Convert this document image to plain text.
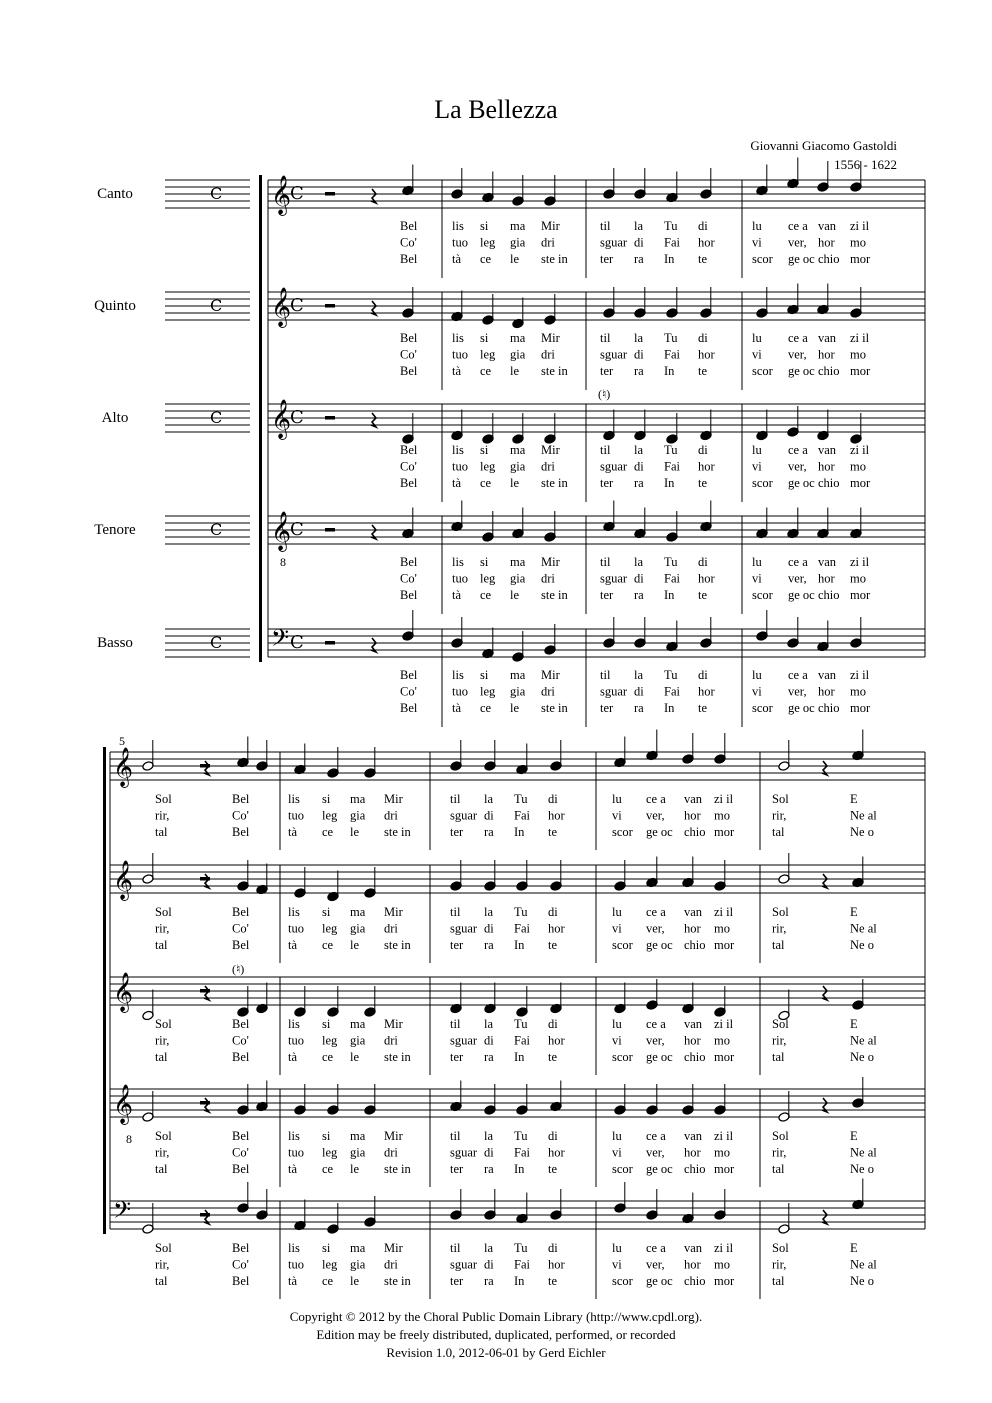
La Bellezza
Giovanni Giacomo Gastoldi
1556 - 1622
Canto
Quinto
Alto
Tenore
Basso
𝄞
𝄞
𝄞
𝄞
𝄢
C
C
C
C
C
C
C
C
C
C
𝄞
𝄞
𝄞
𝄞
𝄢
Bel	lis si ma Mir	til la Tu di	lu ce a van zi il
Co'	tuo leg gia dri	sguar di Fai hor	vi ver, hor mo
Bel	tà ce le ste in	ter ra In te	scor ge oc chio mor
Bel	lis si ma Mir	til la Tu di	lu ce a van zi il
Co'	tuo leg gia dri	sguar di Fai hor	vi ver, hor mo
Bel	tà ce le ste in	ter ra In te	scor ge oc chio mor
Bel	lis si ma Mir	til la Tu di	lu ce a van zi il
Co'	tuo leg gia dri	sguar di Fai hor	vi ver, hor mo
Bel	tà ce le ste in	ter ra In te	scor ge oc chio mor
Bel	lis si ma Mir	til la Tu di	lu ce a van zi il
Co'	tuo leg gia dri	sguar di Fai hor	vi ver, hor mo
Bel	tà ce le ste in	ter ra In te	scor ge oc chio mor
Bel	lis si ma Mir	til la Tu di	lu ce a van zi il
Co'	tuo leg gia dri	sguar di Fai hor	vi ver, hor mo
Bel	tà ce le ste in	ter ra In te	scor ge oc chio mor
Sol	Bel	lis si ma Mir	til la Tu di	lu ce a van zi il	Sol	E
rir,	Co'	tuo leg gia dri	sguar di Fai hor	vi ver, hor mo	rir,	Ne al
tal	Bel	tà ce le ste in	ter ra In te	scor ge oc chio mor	tal	Ne o
Sol	Bel	lis si ma Mir	til la Tu di	lu ce a van zi il	Sol	E
rir,	Co'	tuo leg gia dri	sguar di Fai hor	vi ver, hor mo	rir,	Ne al
tal	Bel	tà ce le ste in	ter ra In te	scor ge oc chio mor	tal	Ne o
Sol	Bel	lis si ma Mir	til la Tu di	lu ce a van zi il	Sol	E
rir,	Co'	tuo leg gia dri	sguar di Fai hor	vi ver, hor mo	rir,	Ne al
tal	Bel	tà ce le ste in	ter ra In te	scor ge oc chio mor	tal	Ne o
Sol	Bel	lis si ma Mir	til la Tu di	lu ce a van zi il	Sol	E
rir,	Co'	tuo leg gia dri	sguar di Fai hor	vi ver, hor mo	rir,	Ne al
tal	Bel	tà ce le ste in	ter ra In te	scor ge oc chio mor	tal	Ne o
Sol	Bel	lis si ma Mir	til la Tu di	lu ce a van zi il	Sol	E
rir,	Co'	tuo leg gia dri	sguar di Fai hor	vi ver, hor mo	rir,	Ne al
tal	Bel	tà ce le ste in	ter ra In te	scor ge oc chio mor	tal	Ne o
5
(♮)
(♮)
8
8
Copyright © 2012 by the Choral Public Domain Library (http://www.cpdl.org).
Edition may be freely distributed, duplicated, performed, or recorded
Revision 1.0, 2012-06-01 by Gerd Eichler
